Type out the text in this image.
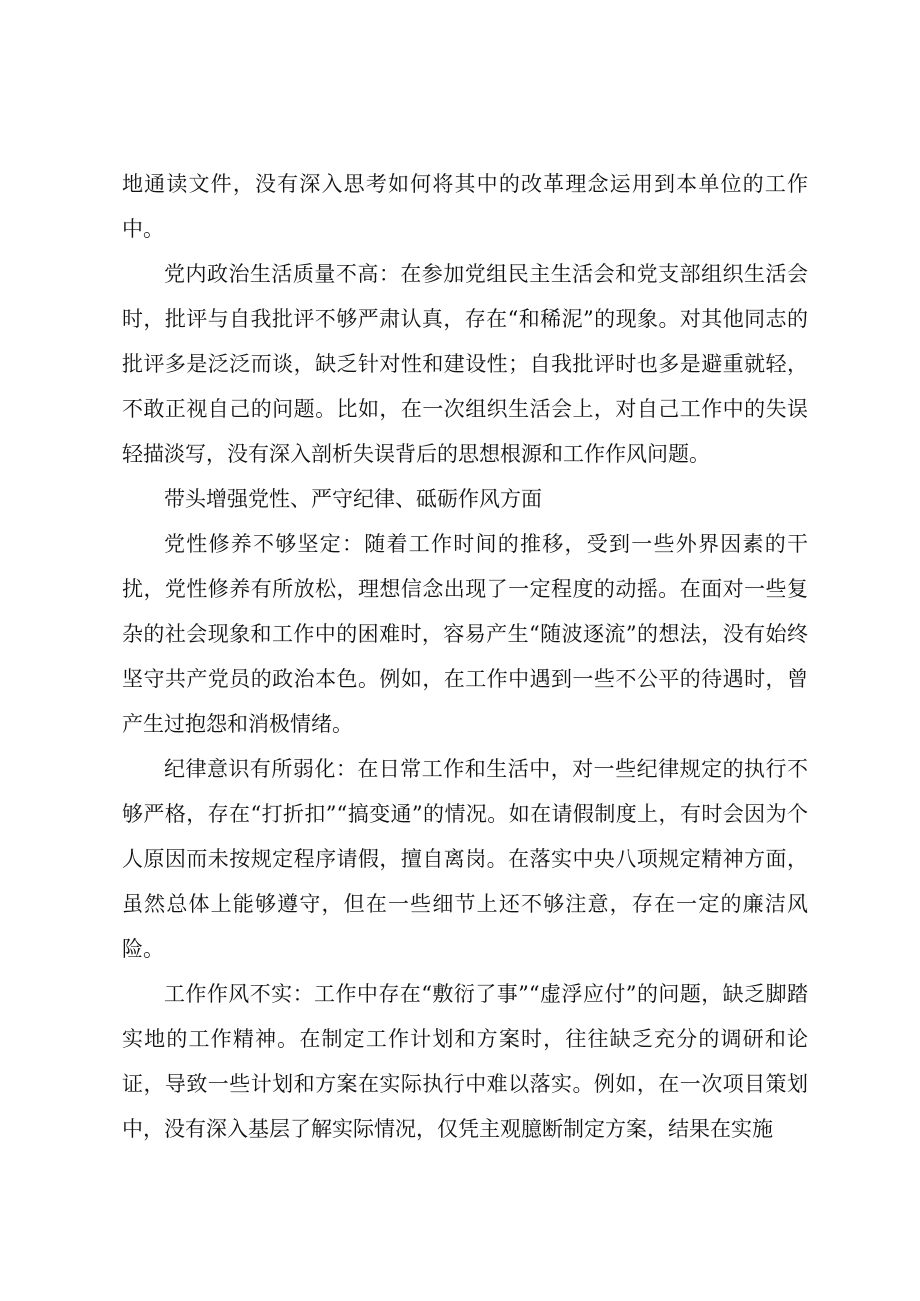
地通读文件，没有深入思考如何将其中的改革理念运用到本单位的工作中。

党内政治生活质量不高：在参加党组民主生活会和党支部组织生活会时，批评与自我批评不够严肃认真，存在“和稀泥”的现象。对其他同志的批评多是泛泛而谈，缺乏针对性和建设性；自我批评时也多是避重就轻，不敢正视自己的问题。比如，在一次组织生活会上，对自己工作中的失误轻描淡写，没有深入剖析失误背后的思想根源和工作作风问题。

带头增强党性、严守纪律、砥砺作风方面

党性修养不够坚定：随着工作时间的推移，受到一些外界因素的干扰，党性修养有所放松，理想信念出现了一定程度的动摇。在面对一些复杂的社会现象和工作中的困难时，容易产生“随波逐流”的想法，没有始终坚守共产党员的政治本色。例如，在工作中遇到一些不公平的待遇时，曾产生过抱怨和消极情绪。

纪律意识有所弱化：在日常工作和生活中，对一些纪律规定的执行不够严格，存在“打折扣”“搞变通”的情况。如在请假制度上，有时会因为个人原因而未按规定程序请假，擅自离岗。在落实中央八项规定精神方面，虽然总体上能够遵守，但在一些细节上还不够注意，存在一定的廉洁风险。

工作作风不实：工作中存在“敷衍了事”“虚浮应付”的问题，缺乏脚踏实地的工作精神。在制定工作计划和方案时，往往缺乏充分的调研和论证，导致一些计划和方案在实际执行中难以落实。例如，在一次项目策划中，没有深入基层了解实际情况，仅凭主观臆断制定方案，结果在实施
